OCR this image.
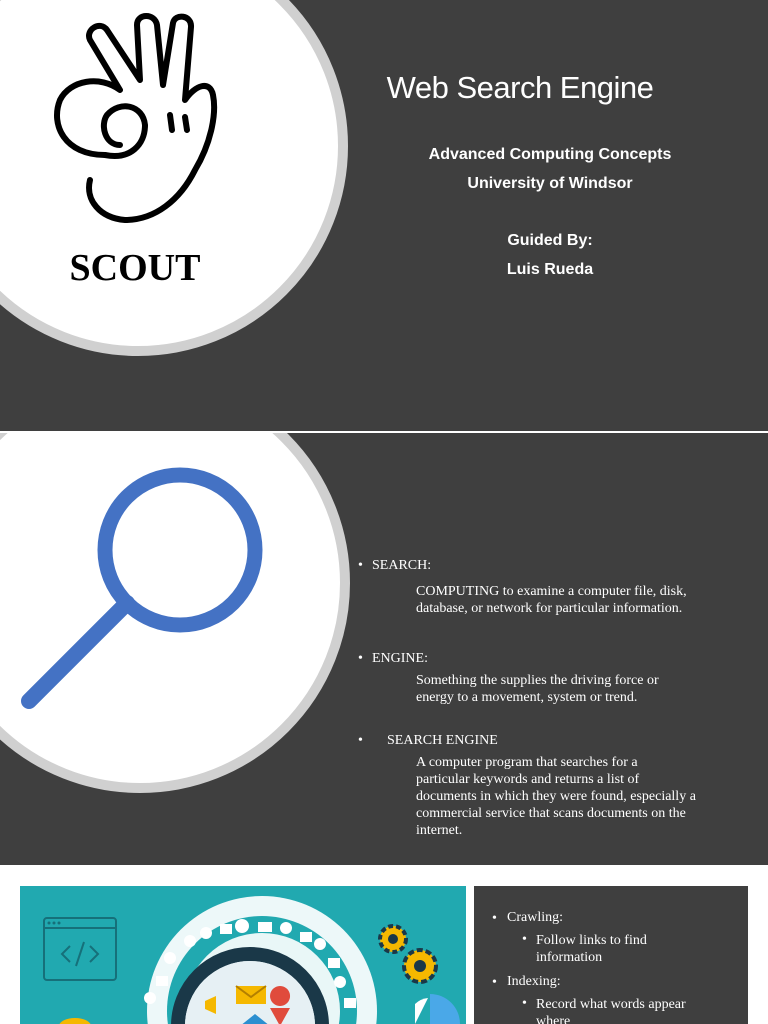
SCOUT
Web Search Engine
Advanced Computing Concepts
University of Windsor
Guided By:
Luis Rueda
• SEARCH:
COMPUTING to examine a computer file, disk,
database, or network for particular information.
• ENGINE:
Something the supplies the driving force or
energy to a movement, system or trend.
• SEARCH ENGINE
A computer program that searches for a
particular keywords and returns a list of
documents in which they were found, especially a
commercial service that scans documents on the
internet.
• Crawling:
• Follow links to find
information
• Indexing:
• Record what words appear
where
